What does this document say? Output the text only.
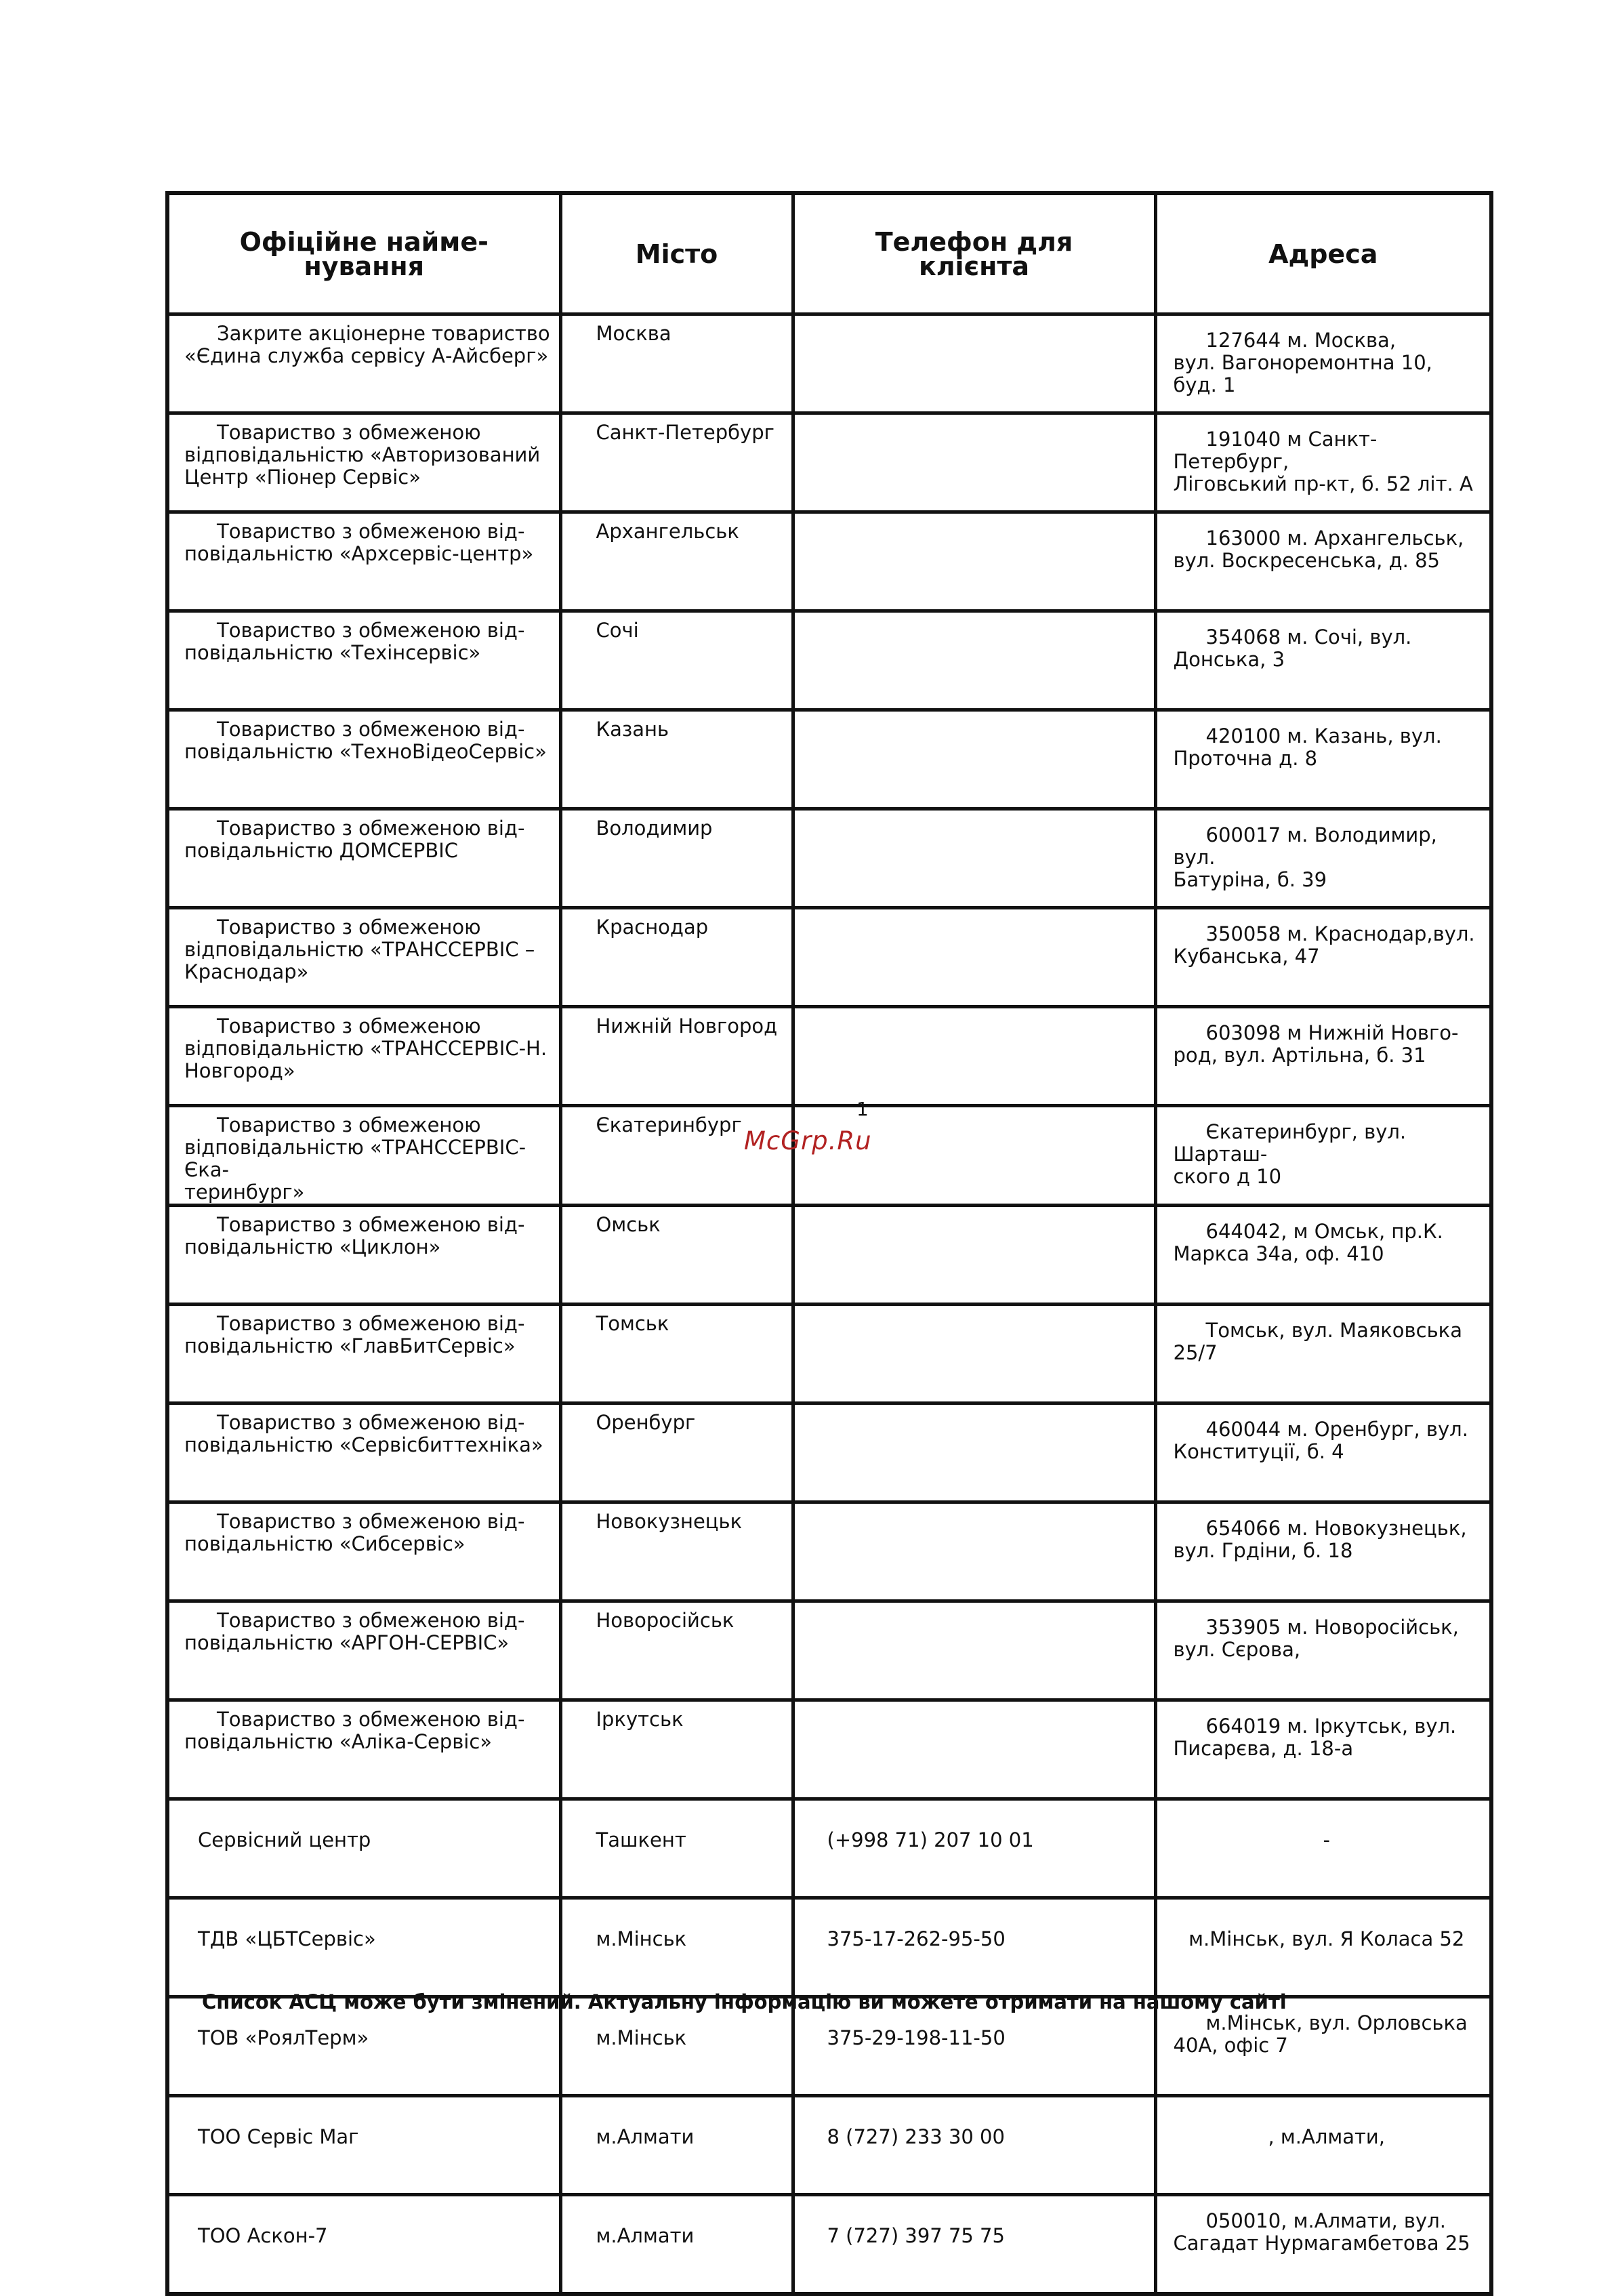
Офіційне найме-
нування	Місто	Телефон для
клієнта	Адреса

Закрите акціонерне товариство
«Єдина служба сервісу А-Айсберг»	Москва		127644 м. Москва,
вул. Вагоноремонтна 10, буд. 1

Товариство з обмеженою
відповідальністю «Авторизований
Центр «Піонер Сервіс»	Санкт-Петербург		191040 м Санкт-Петербург,
Ліговський пр-кт, б. 52 літ. А

Товариство з обмеженою від-
повідальністю «Архсервіс-центр»	Архангельськ		163000 м. Архангельськ,
вул. Воскресенська, д. 85

Товариство з обмеженою від-
повідальністю «Техінсервіс»	Сочі		354068 м. Сочі, вул.
Донська, 3

Товариство з обмеженою від-
повідальністю «ТехноВідеоСервіс»	Казань		420100 м. Казань, вул.
Проточна д. 8

Товариство з обмеженою від-
повідальністю ДОМСЕРВІС	Володимир		600017 м. Володимир, вул.
Батуріна, б. 39

Товариство з обмеженою
відповідальністю «ТРАНССЕРВІС –
Краснодар»	Краснодар		350058 м. Краснодар,вул.
Кубанська, 47

Товариство з обмеженою
відповідальністю «ТРАНССЕРВІС-Н.
Новгород»	Нижній Новгород		603098 м Нижній Новго-
род, вул. Артільна, б. 31

Товариство з обмеженою
відповідальністю «ТРАНССЕРВІС-Єка-
теринбург»	Єкатеринбург		Єкатеринбург, вул. Шарташ-
ского д 10

Товариство з обмеженою від-
повідальністю «Циклон»	Омськ		644042, м Омськ, пр.К.
Маркса 34а, оф. 410

Товариство з обмеженою від-
повідальністю «ГлавБитСервіс»	Томськ		Томськ, вул. Маяковська
25/7

Товариство з обмеженою від-
повідальністю «Сервісбиттехніка»	Оренбург		460044 м. Оренбург, вул.
Конституції, б. 4

Товариство з обмеженою від-
повідальністю «Сибсервіс»	Новокузнецьк		654066 м. Новокузнецьк,
вул. Грдіни, б. 18

Товариство з обмеженою від-
повідальністю «АРГОН-СЕРВІС»	Новоросійськ		353905 м. Новоросійськ,
вул. Сєрова,

Товариство з обмеженою від-
повідальністю «Аліка-Сервіс»	Іркутськ		664019 м. Іркутськ, вул.
Писарєва, д. 18-а

Сервісний центр	Ташкент	(+998 71) 207 10 01	-

ТДВ «ЦБТСервіс»	м.Мінськ	375-17-262-95-50	м.Мінськ, вул. Я Коласа 52

ТОВ «РоялТерм»	м.Мінськ	375-29-198-11-50	м.Мінськ, вул. Орловська
40А, офіс 7

ТОО Сервіс Маг	м.Алмати	8 (727) 233 30 00	, м.Алмати,

ТОО Аскон-7	м.Алмати	7 (727) 397 75 75	050010, м.Алмати, вул.
Сагадат Нурмагамбетова 25
1
McGrp.Ru
Список АСЦ може бути змінений. Актуальну інформацію ви можете отримати на нашому сайті
